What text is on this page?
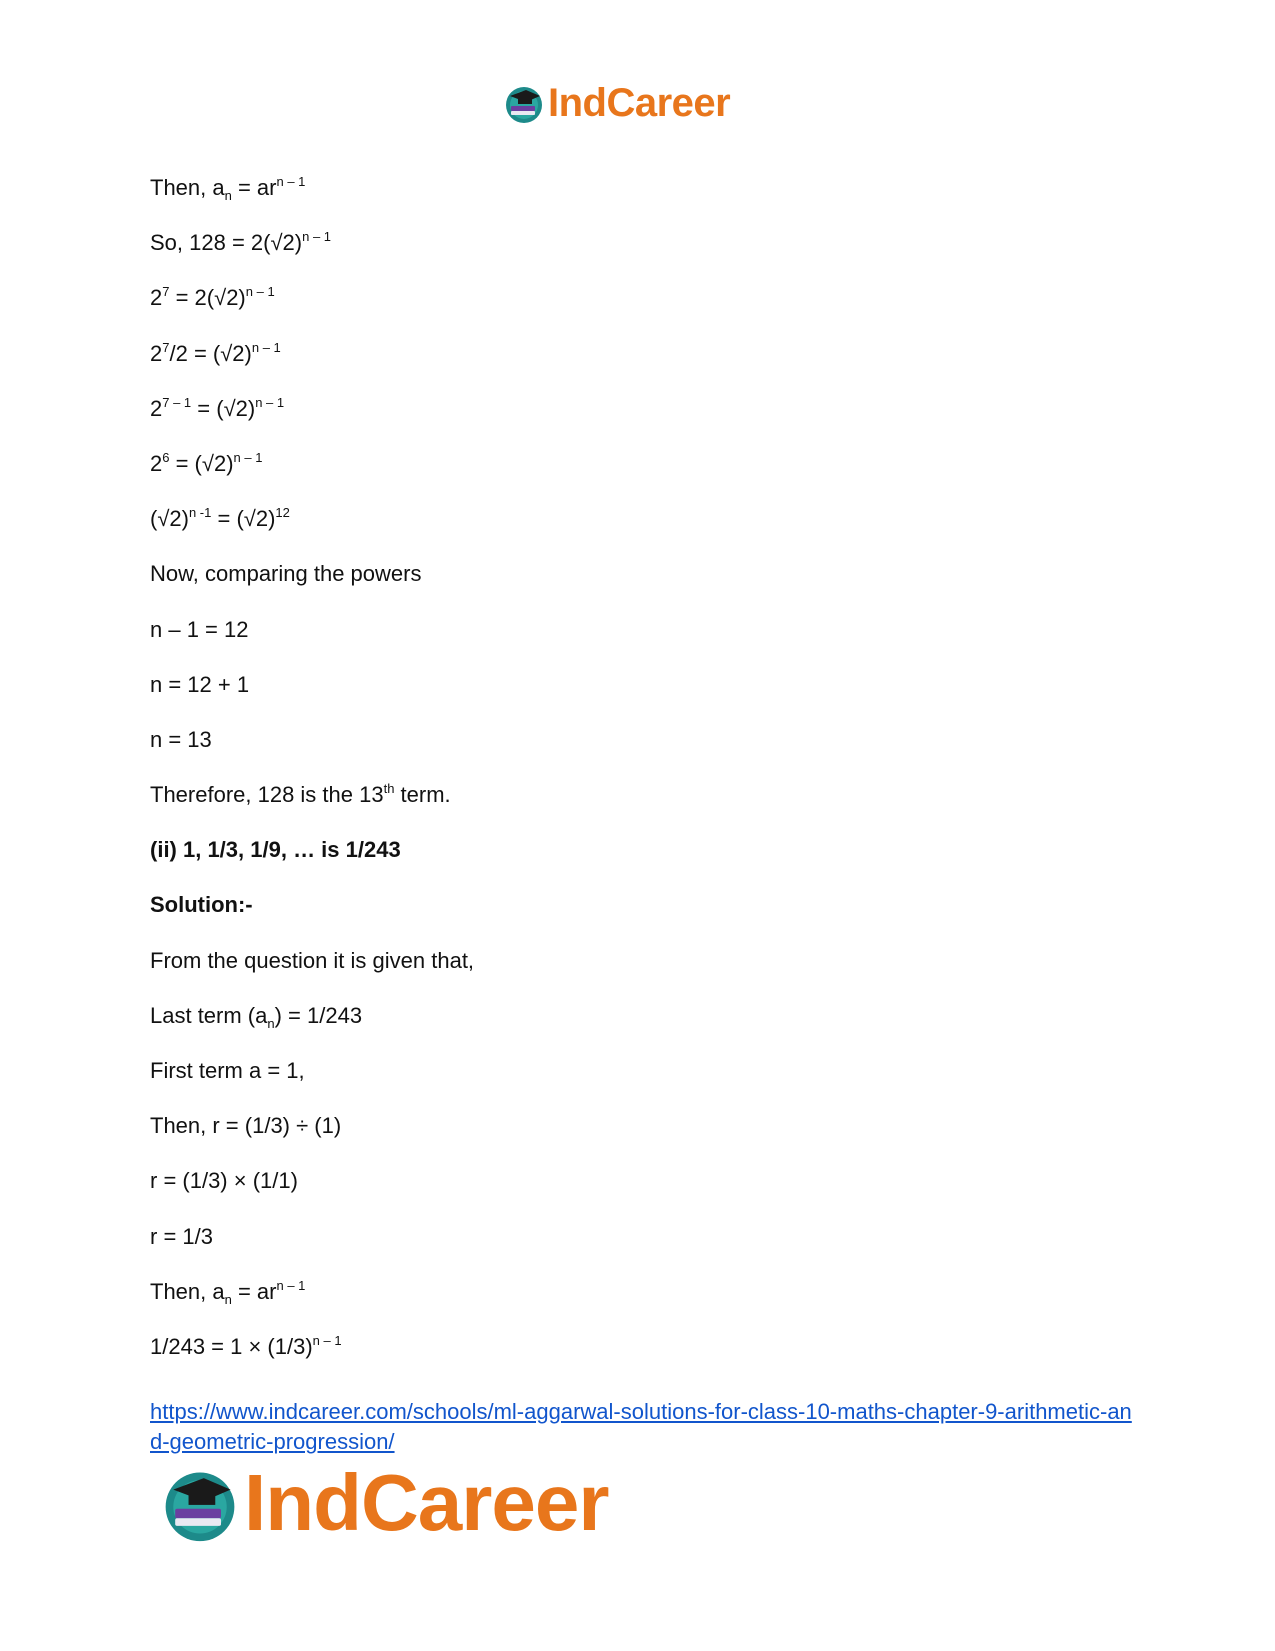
IndCareer
Then, $a_n = ar^{n - 1}$
So, $128 = 2(√2)^{n - 1}$
$2^7 = 2(√2)^{n - 1}$
$2^7/2 = (√2)^{n - 1}$
$2^{7 - 1} = (√2)^{n - 1}$
$2^6 = (√2)^{n - 1}$
$(√2)^{n -1} = (√2)^{12}$
Now, comparing the powers
n – 1 = 12
n = 12 + 1
n = 13
Therefore, 128 is the 13th term.
(ii) 1, 1/3, 1/9, … is 1/243
Solution:-
From the question it is given that,
Last term $(a_n) = 1/243$
First term a = 1,
Then, r = (1/3) ÷ (1)
r = (1/3) × (1/1)
r = 1/3
Then, $a_n = ar^{n - 1}$
$1/243 = 1 \times (1/3)^{n - 1}$
https://www.indcareer.com/schools/ml-aggarwal-solutions-for-class-10-maths-chapter-9-arithmetic-and-geometric-progression/
IndCareer
